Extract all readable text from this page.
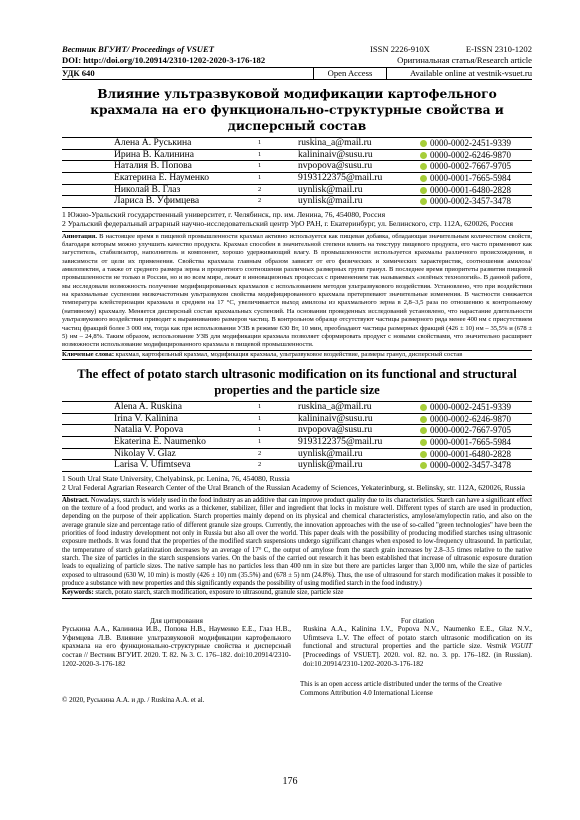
Вестник ВГУИТ/ Proceedings of VSUET	ISSN 2226-910X	E-ISSN 2310-1202
DOI: http://doi.org/10.20914/2310-1202-2020-3-176-182	Оригинальная статья/Research article
УДК 640	Open Access	Available online at vestnik-vsuet.ru
Влияние ультразвуковой модификации картофельного крахмала на его функционально-структурные свойства и дисперсный состав
Алена А. Руськина	1	ruskina_a@mail.ru	0000-0002-2451-9339
Ирина В. Калинина	1	kalininaiv@susu.ru	0000-0002-6246-9870
Наталия В. Попова	1	nvpopova@susu.ru	0000-0002-7667-9705
Екатерина Е. Науменко	1	9193122375@mail.ru	0000-0001-7665-5984
Николай В. Глаз	2	uynlisk@mail.ru	0000-0001-6480-2828
Лариса В. Уфимцева	2	uynlisk@mail.ru	0000-0002-3457-3478
1 Южно-Уральский государственный университет, г. Челябинск, пр. им. Ленина, 76, 454080, Россия
2 Уральский федеральный аграрный научно-исследовательский центр УрО РАН, г. Екатеринбург, ул. Белинского, стр. 112А, 620026, Россия
Аннотация. В настоящее время в пищевой промышленности крахмал активно используется как пищевая добавка, обладающая значительным количеством свойств, благодаря которым можно улучшить качество продукта. Крахмал способен в значительной степени влиять на текстуру пищевого продукта, его часто применяют как загуститель, стабилизатор, наполнитель и компонент, хорошо удерживающий влагу. В промышленности используется крахмалы различного происхождения, в зависимости от цели их применения. Свойства крахмала главным образом зависят от его физических и химических характеристик, соотношения амилоза/амилопектин, а также от среднего размера зерна и процентного соотношения различных размерных групп гранул. В последнее время приоритеты развития пищевой промышленности не только в России, но и во всем мире, лежат в инновационных процессах с применением так называемых «зелёных технологий». В данной работе, мы исследовали возможность получение модифицированных крахмалов с использованием методов ультразвукового воздействия. Установлено, что при воздействии на крахмальные суспензии низкочастотным ультразвуком свойства модифицированного крахмала претерпевают значительные изменения. В частности снижается температура клейстеризации крахмала в среднем на 17 °С, увеличивается выход амилозы из крахмального зерна в 2,8–3,5 раза по отношению к контрольному (нативному) крахмалу. Меняется дисперсный состав крахмальных суспензий. На основании проведенных исследований установлено, что нарастание длительности ультразвукового воздействия приводит к выравниванию размеров частиц. В контрольном образце отсутствуют частицы размерного ряда менее 400 нм с присутствием частиц фракций более 3 000 нм, тогда как при использовании УЗВ в режиме 630 Вт, 10 мин, преобладают частицы размерных фракций (426 ± 10) нм – 35,5% и (678 ± 5) нм – 24,8%. Таким образом, использование УЗВ для модификации крахмала позволяет сформировать продукт с новыми свойствами, что значительно расширяет возможности использование модифицированного крахмала в пищевой промышленности.
Ключевые слова: крахмал, картофельный крахмал, модификация крахмала, ультразвуковое воздействие, размеры гранул, дисперсный состав
The effect of potato starch ultrasonic modification on its functional and structural properties and the particle size
Alena A. Ruskina	1	ruskina_a@mail.ru	0000-0002-2451-9339
Irina V. Kalinina	1	kalininaiv@susu.ru	0000-0002-6246-9870
Natalia V. Popova	1	nvpopova@susu.ru	0000-0002-7667-9705
Ekaterina E. Naumenko	1	9193122375@mail.ru	0000-0001-7665-5984
Nikolay V. Glaz	2	uynlisk@mail.ru	0000-0001-6480-2828
Larisa V. Ufimtseva	2	uynlisk@mail.ru	0000-0002-3457-3478
1 South Ural State University, Chelyabinsk, pr. Lenina, 76, 454080, Russia
2 Ural Federal Agrarian Research Center of the Ural Branch of the Russian Academy of Sciences, Yekaterinburg, st. Belinsky, str. 112A, 620026, Russia
Abstract. Nowadays, starch is widely used in the food industry as an additive that can improve product quality due to its characteristics. Starch can have a significant effect on the texture of a food product, and works as a thickener, stabilizer, filler and ingredient that locks in moisture well. Different types of starch are used in production, depending on the purpose of their application. Starch properties mainly depend on its physical and chemical characteristics, amylose/amylopectin ratio, and also on the average granule size and percentage ratio of different granule size groups. Currently, the innovation approaches with the use of so-called "green technologies" have been the priorities of food industry development not only in Russia but also all over the world. This paper deals with the possibility of producing modified starches using ultrasonic exposure methods. It was found that the properties of the modified starch suspensions undergo significant changes when exposed to low-frequency ultrasound. In particular, the temperature of starch gelatinization decreases by an average of 17° C, the output of amylose from the starch grain increases by 2.8–3.5 times relative to the native starch. The size of particles in the starch suspensions varies. On the basis of the carried out research it has been established that increase of ultrasonic exposure duration leads to equalizing of particle sizes. The native sample has no particles less than 400 nm in size but there are particles larger than 3,000 nm, while the size of particles exposed to ultrasound (630 W, 10 min) is mostly (426 ± 10) nm (35.5%) and (678 ± 5) nm (24.8%). Thus, the use of ultrasound for starch modification makes it possible to produce a substance with new properties and this significantly expands the possibility of using modified starch in the food industry.)
Keywords: starch, potato starch, starch modification, exposure to ultrasound, granule size, particle size
Для цитирования
Руськина А.А., Калинина И.В., Попова Н.В., Науменко Е.Е., Глаз Н.В., Уфимцева Л.В. Влияние ультразвуковой модификации картофельного крахмала на его функционально-структурные свойства и дисперсный состав // Вестник ВГУИТ. 2020. Т. 82. № 3. С. 176–182. doi:10.20914/2310-1202-2020-3-176-182
For citation
Ruskina A.A., Kalinina I.V., Popova N.V., Naumenko E.E., Glaz N.V., Ufimtseva L.V. The effect of potato starch ultrasonic modification on its functional and structural properties and the particle size. Vestnik VGUIT [Proceedings of VSUET]. 2020. vol. 82. no. 3. pp. 176–182. (in Russian). doi:10.20914/2310-1202-2020-3-176-182
© 2020, Руськина А.А. и др. / Ruskina A.A. et al.
This is an open access article distributed under the terms of the Creative Commons Attribution 4.0 International License
176
